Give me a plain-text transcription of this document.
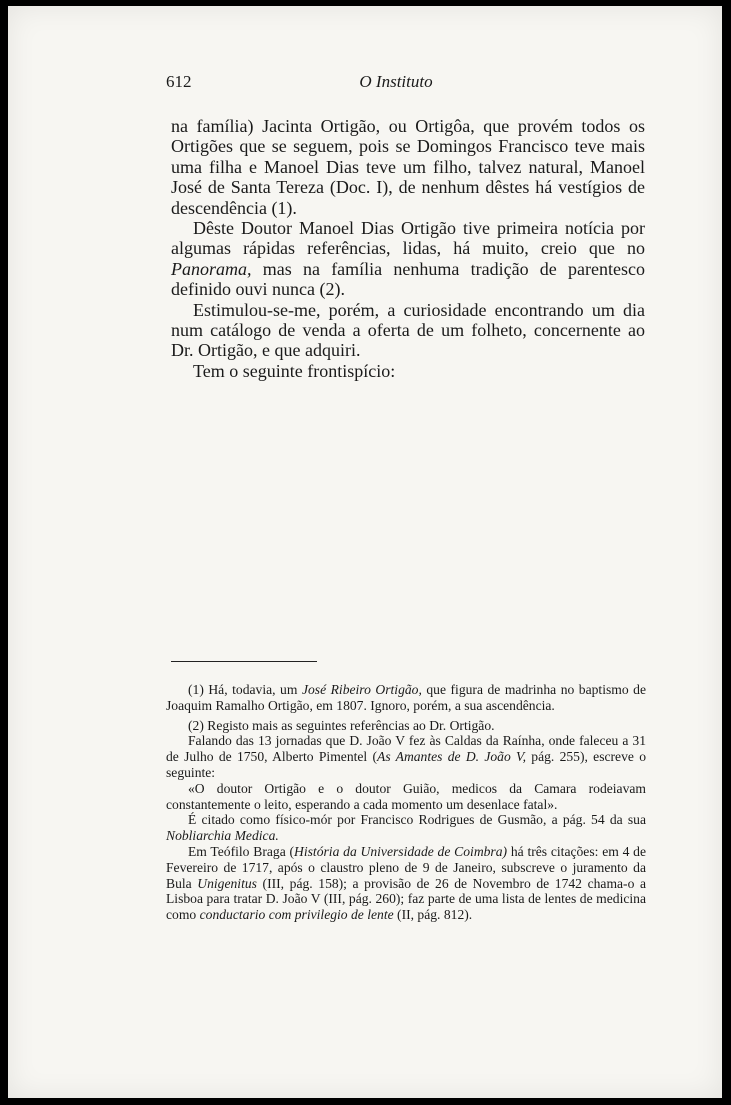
612	O Instituto

na família) Jacinta Ortigão, ou Ortigôa, que provém todos os Ortigões que se seguem, pois se Domingos Francisco teve mais uma filha e Manoel Dias teve um filho, talvez natural, Manoel José de Santa Tereza (Doc. I), de nenhum dêstes há vestígios de descendência (1).

Dêste Doutor Manoel Dias Ortigão tive primeira notícia por algumas rápidas referências, lidas, há muito, creio que no Panorama, mas na família nenhuma tradição de parentesco definido ouvi nunca (2).

Estimulou-se-me, porém, a curiosidade encontrando um dia num catálogo de venda a oferta de um folheto, concernente ao Dr. Ortigão, e que adquiri.

Tem o seguinte frontispício:

(1) Há, todavia, um José Ribeiro Ortigão, que figura de madrinha no baptismo de Joaquim Ramalho Ortigão, em 1807. Ignoro, porém, a sua ascendência.

(2) Registo mais as seguintes referências ao Dr. Ortigão.

Falando das 13 jornadas que D. João V fez às Caldas da Raínha, onde faleceu a 31 de Julho de 1750, Alberto Pimentel (As Amantes de D. João V, pág. 255), escreve o seguinte:

«O doutor Ortigão e o doutor Guião, medicos da Camara rodeiavam constantemente o leito, esperando a cada momento um desenlace fatal».

É citado como físico-mór por Francisco Rodrigues de Gusmão, a pág. 54 da sua Nobliarchia Medica.

Em Teófilo Braga (História da Universidade de Coimbra) há três citações: em 4 de Fevereiro de 1717, após o claustro pleno de 9 de Janeiro, subscreve o juramento da Bula Unigenitus (III, pág. 158); a provisão de 26 de Novembro de 1742 chama-o a Lisboa para tratar D. João V (III, pág. 260); faz parte de uma lista de lentes de medicina como conductario com privilegio de lente (II, pág. 812).
